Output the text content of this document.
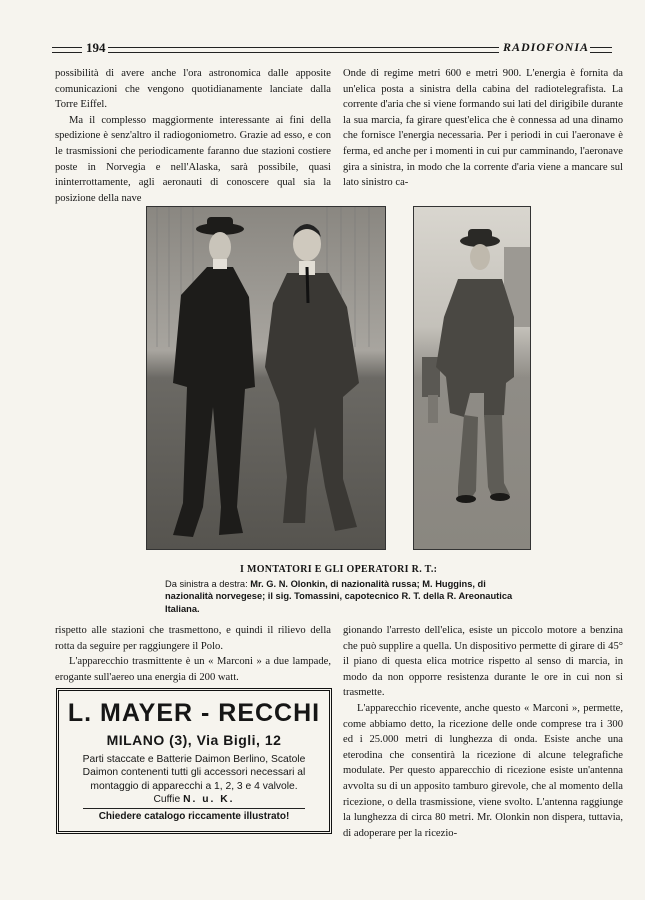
194	RADIOFONIA

possibilità di avere anche l'ora astronomica dalle apposite comunicazioni che vengono quotidianamente lanciate dalla Torre Eiffel.

Ma il complesso maggiormente interessante ai fini della spedizione è senz'altro il radiogoniometro. Grazie ad esso, e con le trasmissioni che periodicamente faranno due stazioni costiere poste in Norvegia e nell'Alaska, sarà possibile, quasi ininterrottamente, agli aeronauti di conoscere qual sia la posizione della nave

Onde di regime metri 600 e metri 900. L'energia è fornita da un'elica posta a sinistra della cabina del radiotelegrafista. La corrente d'aria che si viene formando sui lati del dirigibile durante la sua marcia, fa girare quest'elica che è connessa ad una dinamo che fornisce l'energia necessaria. Per i periodi in cui l'aeronave è ferma, ed anche per i momenti in cui pur camminando, l'aeronave gira a sinistra, in modo che la corrente d'aria viene a mancare sul lato sinistro ca-

I MONTATORI E GLI OPERATORI R. T.:
Da sinistra a destra: Mr. G. N. Olonkin, di nazionalità russa; M. Huggins, di nazionalità norvegese; il sig. Tomassini, capotecnico R. T. della R. Areonautica Italiana.

rispetto alle stazioni che trasmettono, e quindi il rilievo della rotta da seguire per raggiungere il Polo.

L'apparecchio trasmittente è un « Marconi » a due lampade, erogante sull'aereo una energia di 200 watt.

L. MAYER - RECCHI
MILANO (3), Via Bigli, 12
Parti staccate e Batterie Daimon Berlino, Scatole Daimon contenenti tutti gli accessori necessari al montaggio di apparecchi a 1, 2, 3 e 4 valvole.
Cuffie N. u. K.
Chiedere catalogo riccamente illustrato!

gionando l'arresto dell'elica, esiste un piccolo motore a benzina che può supplire a quella. Un dispositivo permette di girare di 45° il piano di questa elica motrice rispetto al senso di marcia, in modo da non opporre resistenza durante le ore in cui non si trasmette.

L'apparecchio ricevente, anche questo « Marconi », permette, come abbiamo detto, la ricezione delle onde comprese tra i 300 ed i 25.000 metri di lunghezza di onda. Esiste anche una eterodina che consentirà la ricezione di alcune telegrafiche modulate. Per questo apparecchio di ricezione esiste un'antenna avvolta su di un apposito tamburo girevole, che al momento della ricezione, o della trasmissione, viene svolto. L'antenna raggiunge la lunghezza di circa 80 metri. Mr. Olonkin non dispera, tuttavia, di adoperare per la ricezio-
